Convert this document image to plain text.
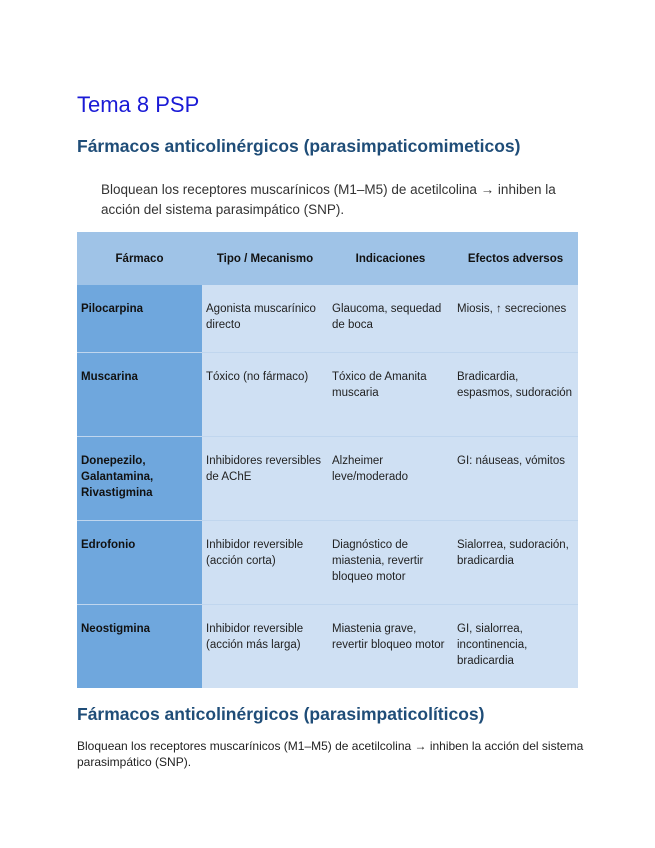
Tema 8 PSP
Fármacos anticolinérgicos (parasimpaticomimeticos)
Bloquean los receptores muscarínicos (M1–M5) de acetilcolina → inhiben la acción del sistema parasimpático (SNP).
Fármaco	Tipo / Mecanismo	Indicaciones	Efectos adversos
Pilocarpina	Agonista muscarínico directo	Glaucoma, sequedad de boca	Miosis, ↑ secreciones
Muscarina	Tóxico (no fármaco)	Tóxico de Amanita muscaria	Bradicardia, espasmos, sudoración
Donepezilo, Galantamina, Rivastigmina	Inhibidores reversibles de AChE	Alzheimer leve/moderado	GI: náuseas, vómitos
Edrofonio	Inhibidor reversible (acción corta)	Diagnóstico de miastenia, revertir bloqueo motor	Sialorrea, sudoración, bradicardia
Neostigmina	Inhibidor reversible (acción más larga)	Miastenia grave, revertir bloqueo motor	GI, sialorrea, incontinencia, bradicardia
Fármacos anticolinérgicos (parasimpaticolíticos)
Bloquean los receptores muscarínicos (M1–M5) de acetilcolina → inhiben la acción del sistema parasimpático (SNP).
